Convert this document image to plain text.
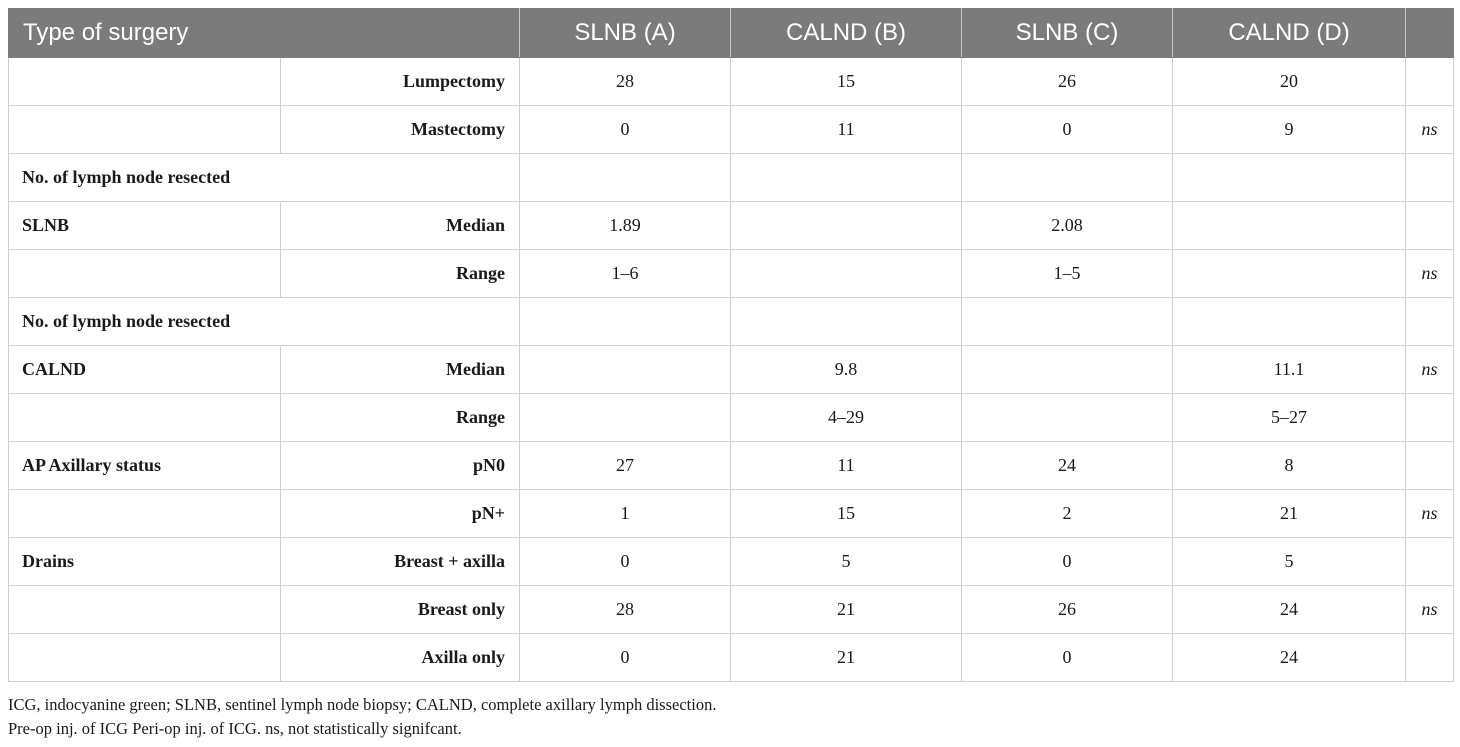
Type of surgery		SLNB (A)	CALND (B)	SLNB (C)	CALND (D)	
	Lumpectomy	28	15	26	20	
	Mastectomy	0	11	0	9	ns
No. of lymph node resected						
SLNB	Median	1.89		2.08		
	Range	1–6		1–5		ns
No. of lymph node resected						
CALND	Median		9.8		11.1	ns
	Range		4–29		5–27	
AP Axillary status	pN0	27	11	24	8	
	pN+	1	15	2	21	ns
Drains	Breast + axilla	0	5	0	5	
	Breast only	28	21	26	24	ns
	Axilla only	0	21	0	24	
ICG, indocyanine green; SLNB, sentinel lymph node biopsy; CALND, complete axillary lymph dissection.
Pre-op inj. of ICG Peri-op inj. of ICG. ns, not statistically signifcant.
